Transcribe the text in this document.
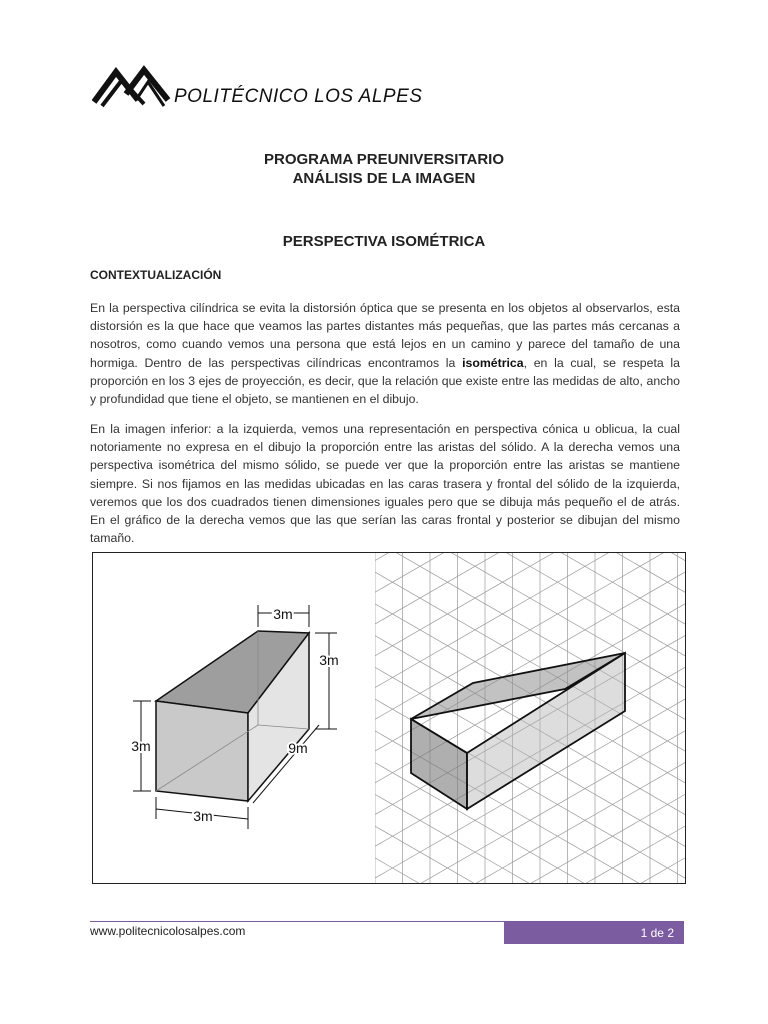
POLITÉCNICO LOS ALPES
PROGRAMA PREUNIVERSITARIO
ANÁLISIS DE LA IMAGEN
PERSPECTIVA ISOMÉTRICA
CONTEXTUALIZACIÓN
En la perspectiva cilíndrica se evita la distorsión óptica que se presenta en los objetos al observarlos, esta distorsión es la que hace que veamos las partes distantes más pequeñas, que las partes más cercanas a nosotros, como cuando vemos una persona que está lejos en un camino y parece del tamaño de una hormiga. Dentro de las perspectivas cilíndricas encontramos la isométrica, en la cual, se respeta la proporción en los 3 ejes de proyección, es decir, que la relación que existe entre las medidas de alto, ancho y profundidad que tiene el objeto, se mantienen en el dibujo.
En la imagen inferior: a la izquierda, vemos una representación en perspectiva cónica u oblicua, la cual notoriamente no expresa en el dibujo la proporción entre las aristas del sólido. A la derecha vemos una perspectiva isométrica del mismo sólido, se puede ver que la proporción entre las aristas se mantiene siempre. Si nos fijamos en las medidas ubicadas en las caras trasera y frontal del sólido de la izquierda, veremos que los dos cuadrados tienen dimensiones iguales pero que se dibuja más pequeño el de atrás. En el gráfico de la derecha vemos que las que serían las caras frontal y posterior se dibujan del mismo tamaño.
3m
3m
3m	9m
3m
www.politecnicolosalpes.com	1 de 2
